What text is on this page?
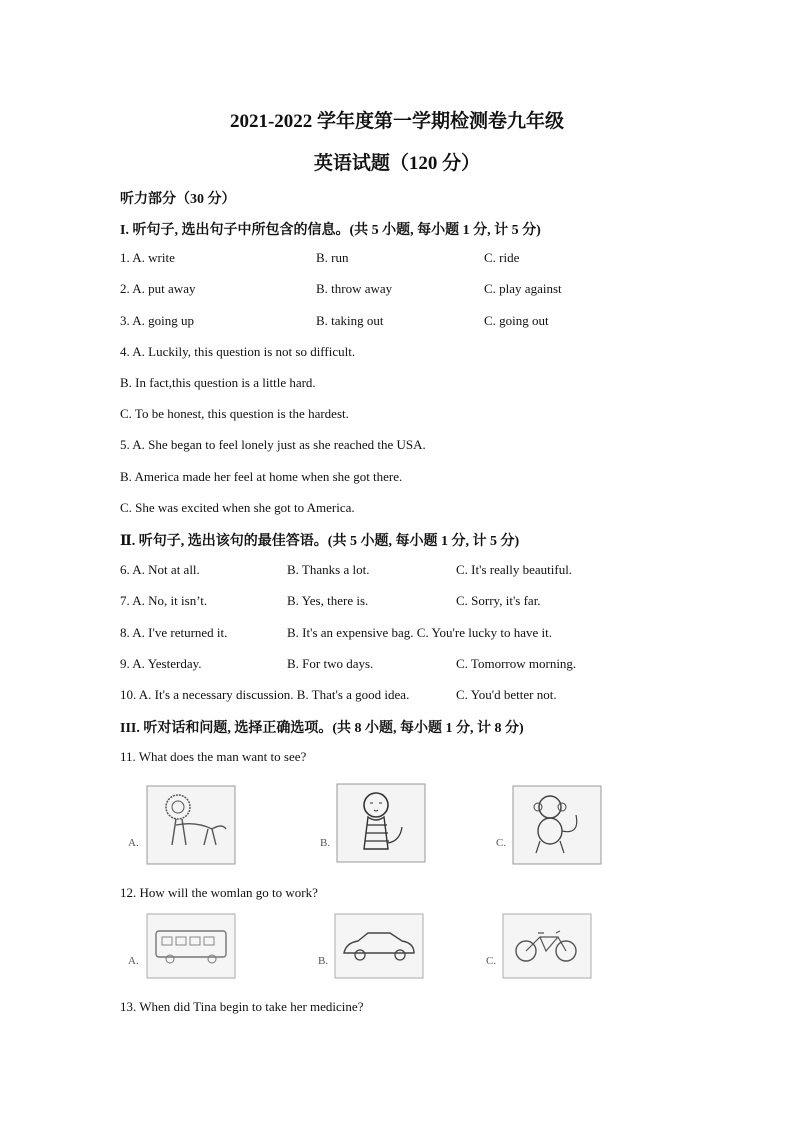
2021-2022 学年度第一学期检测卷九年级
英语试题（120 分）
听力部分（30 分）
I. 听句子, 选出句子中所包含的信息。(共 5 小题, 每小题 1 分, 计 5 分)
1. A. write	B. run	C. ride
2. A. put away	B. throw away	C. play against
3. A. going up	B. taking out	C. going out
4. A. Luckily, this question is not so difficult.
B. In fact,this question is a little hard.
C. To be honest, this question is the hardest.
5. A. She began to feel lonely just as she reached the USA.
B. America made her feel at home when she got there.
C. She was excited when she got to America.
Ⅱ. 听句子, 选出该句的最佳答语。(共 5 小题, 每小题 1 分, 计 5 分)
6. A. Not at all.	B. Thanks a lot.	C. It's really beautiful.
7. A. No, it isn’t.	B. Yes, there is.	C. Sorry, it's far.
8. A. I've returned it.	B. It's an expensive bag. C. You're lucky to have it.
9. A. Yesterday.	B. For two days.	C. Tomorrow morning.
10. A. It's a necessary discussion. B. That's a good idea.	C. You'd better not.
III. 听对话和问题, 选择正确选项。(共 8 小题, 每小题 1 分, 计 8 分)
11. What does the man want to see?
A.	B.	C.
12. How will the womlan go to work?
A.	B.	C.
13. When did Tina begin to take her medicine?
